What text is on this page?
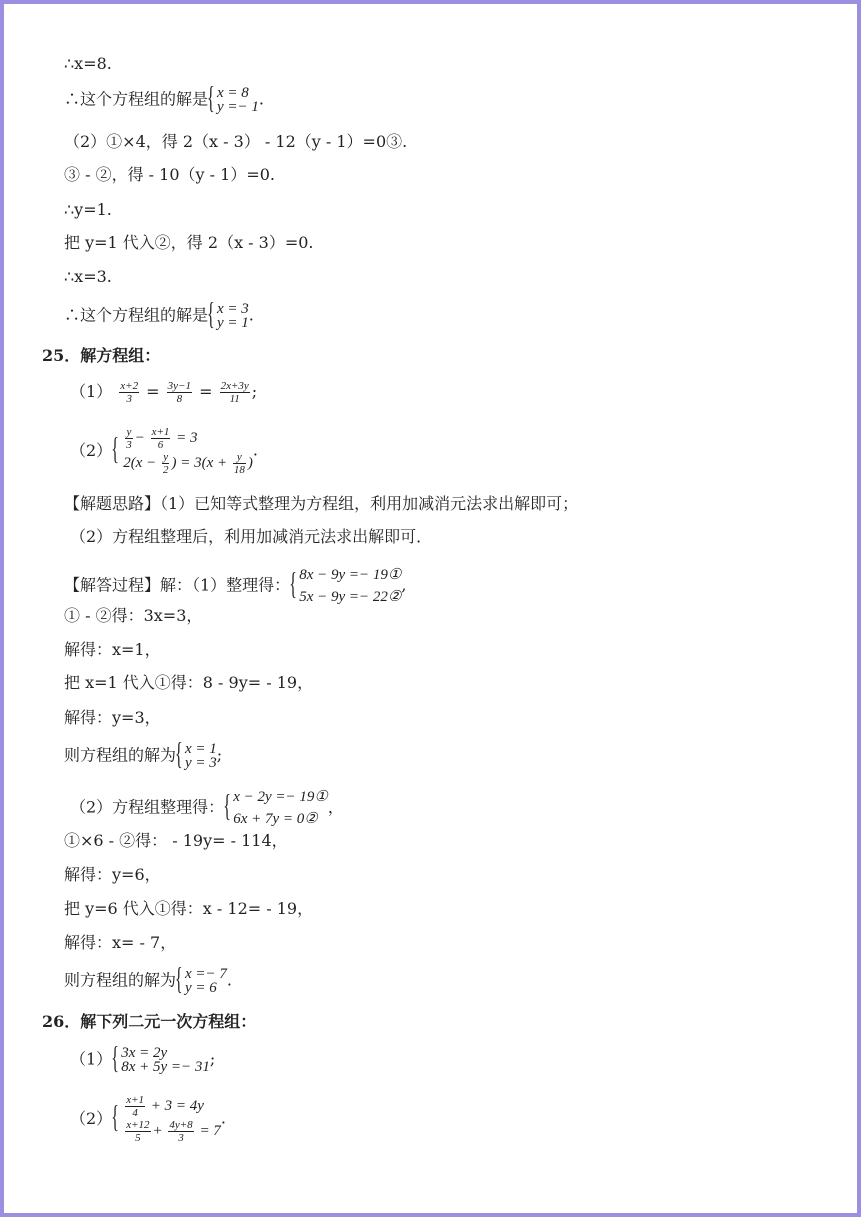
∴x=8.
∴这个方程组的解是 { x = 8
y =− 1 .
（2）①×4，得 2（x - 3） - 12（y - 1）=0③.
③ - ②，得 - 10（y - 1）=0.
∴y=1.
把 y=1 代入②，得 2（x - 3）=0.
∴x=3.
∴这个方程组的解是 { x = 3
y = 1 .
25．解方程组：
$(1) \frac{x+2}{3} = \frac{3y-1}{8} = \frac{2x+3y}{11}$ ;
（2） { $\frac{y}{3} - \frac{x+1}{6} = 3$
$2(x - \frac{y}{2}$ ) = $3(x + \frac{y}{18}$ )
.
【解题思路】（1）已知等式整理为方程组，利用加减消元法求出解即可；
（2）方程组整理后，利用加减消元法求出解即可．
【解答过程】解：（1）整理得：
{ 8x − 9y =− 19①
5x − 9y =− 22②
,
① - ②得：3x=3，
解得：x=1，
把 x=1 代入①得：8 - 9y= - 19，
解得：y=3，
则方程组的解为 { x = 1
y = 3 ;
（2）方程组整理得：
{ x − 2y =− 19①
6x + 7y = 0②
，
①×6 - ②得： - 19y= - 114，
解得：y=6，
把 y=6 代入①得：x - 12= - 19，
解得：x= - 7，
则方程组的解为 { x =− 7
y = 6 .
26．解下列二元一次方程组：
（1） { 3x = 2y
8x + 5y =− 31 ;
（2） { $\frac{x+1}{4} + 3 = 4y$
$\frac{x+12}{5} + \frac{4y+8}{3} = 7$
.
